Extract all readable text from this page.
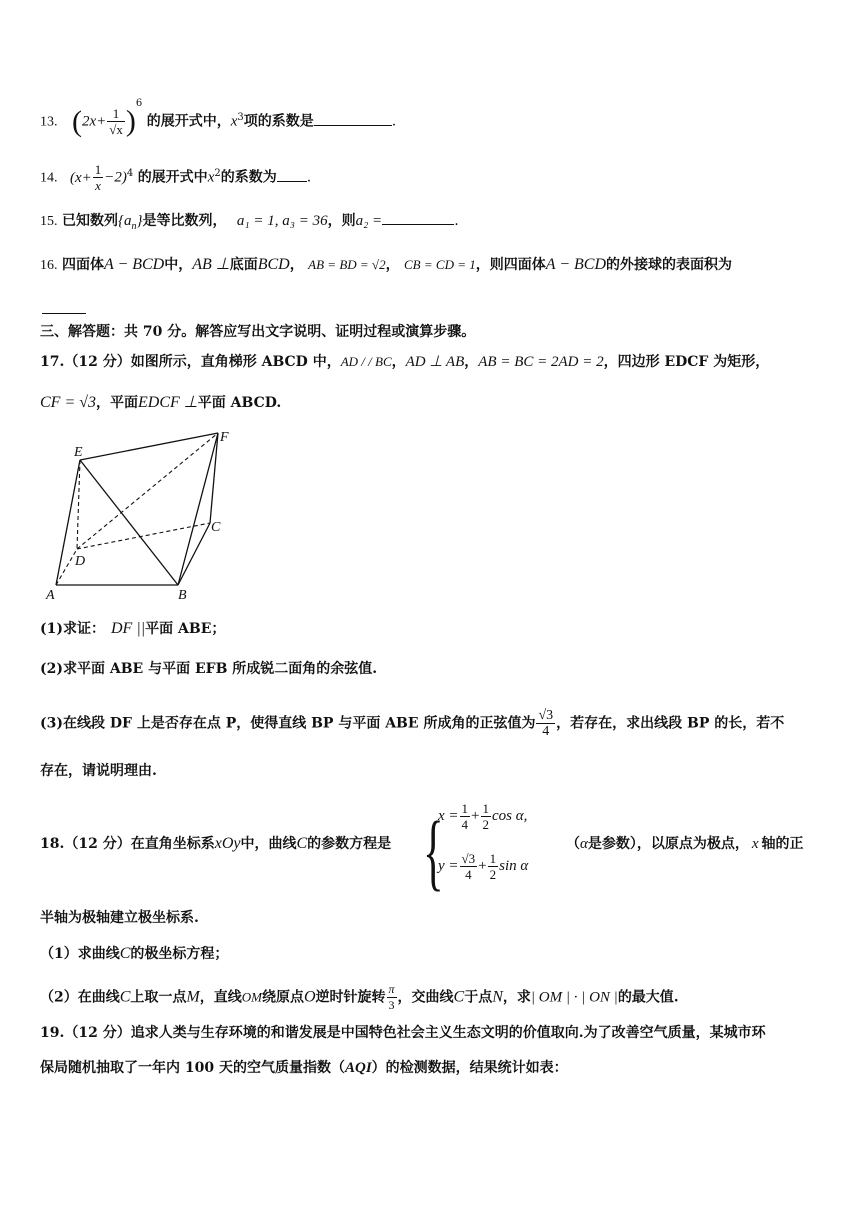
13. $(2x+ \frac{1}{√x} )^6$ 的展开式中，$x^3$项的系数是	.
14. $(x+ \frac{1}{x} -2)^4$ 的展开式中$x^2$的系数为 .
15. 已知数列$\{a_n\}$是等比数列， a₁ = 1, a₃ = 36，则a₂ =	.
16. 四面体A − BCD中，AB ⊥底面BCD， AB = BD = √2， CB = CD = 1，则四面体A − BCD的外接球的表面积为
三、解答题：共 70 分。解答应写出文字说明、证明过程或演算步骤。
17.（12 分）如图所示，直角梯形 ABCD 中，AD / / BC，AD ⊥ AB，AB = BC = 2AD = 2，四边形 EDCF 为矩形，
CF = √3，平面EDCF ⊥平面 ABCD.
E
F
C
D
A	B
(1)求证： DF ||平面 ABE；
(2)求平面 ABE 与平面 EFB 所成锐二面角的余弦值.
(3)在线段 DF 上是否存在点 P，使得直线 BP 与平面 ABE 所成角的正弦值为 $\frac{√3}{4}$ ，若存在，求出线段 BP 的长，若不
存在，请说明理由.
18.（12 分）在直角坐标系xOy中，曲线C的参数方程是 {
$x = \frac{1}{4} + \frac{1}{2}$ cos α,
$y = \frac{√3}{4} + \frac{1}{2}$ sin α
（α是参数），以原点为极点， x 轴的正
半轴为极轴建立极坐标系.
（1）求曲线C的极坐标方程；
（2）在曲线C上取一点M，直线OM绕原点O逆时针旋转 $\frac{\pi}{3}$ ，交曲线C于点N，求| OM | · | ON |的最大值.
19.（12 分）追求人类与生存环境的和谐发展是中国特色社会主义生态文明的价值取向.为了改善空气质量，某城市环
保局随机抽取了一年内 100 天的空气质量指数（AQI）的检测数据，结果统计如表：
